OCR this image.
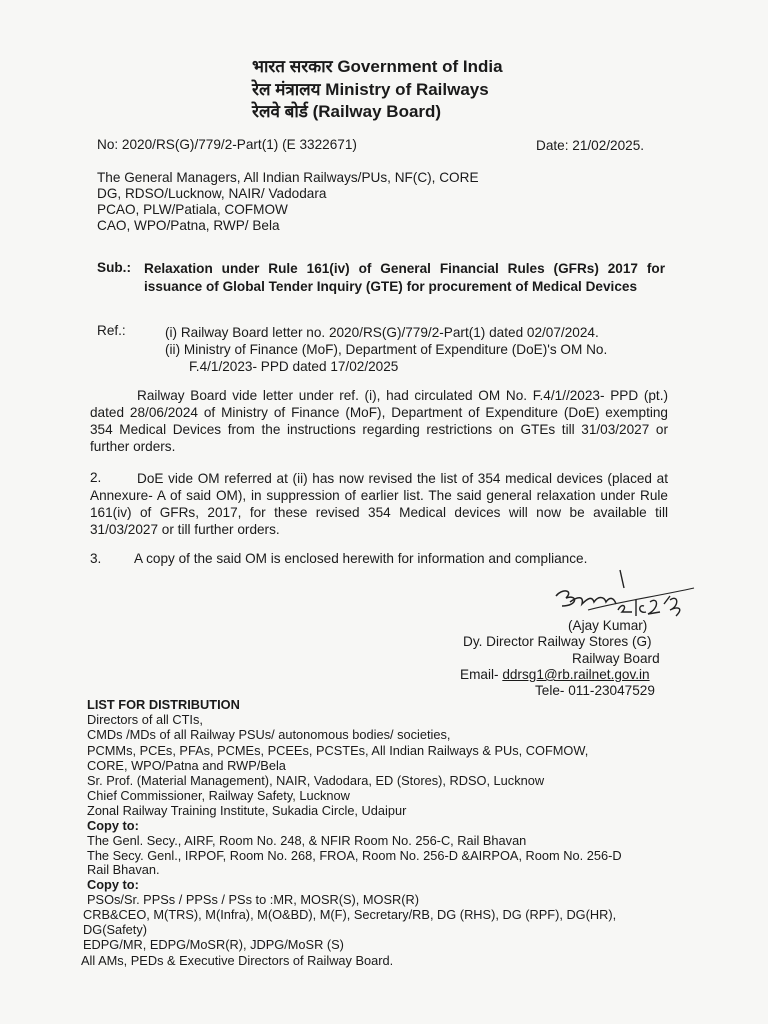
भारत सरकार Government of India
रेल मंत्रालय Ministry of Railways
रेलवे बोर्ड (Railway Board)
No: 2020/RS(G)/779/2-Part(1) (E 3322671)	Date: 21/02/2025.
The General Managers, All Indian Railways/PUs, NF(C), CORE
DG, RDSO/Lucknow, NAIR/ Vadodara
PCAO, PLW/Patiala, COFMOW
CAO, WPO/Patna, RWP/ Bela
Sub.: Relaxation under Rule 161(iv) of General Financial Rules (GFRs) 2017 for issuance of Global Tender Inquiry (GTE) for procurement of Medical Devices
Ref.:	(i) Railway Board letter no. 2020/RS(G)/779/2-Part(1) dated 02/07/2024.
(ii) Ministry of Finance (MoF), Department of Expenditure (DoE)'s OM No.
F.4/1/2023- PPD dated 17/02/2025
Railway Board vide letter under ref. (i), had circulated OM No. F.4/1//2023- PPD (pt.) dated 28/06/2024 of Ministry of Finance (MoF), Department of Expenditure (DoE) exempting 354 Medical Devices from the instructions regarding restrictions on GTEs till 31/03/2027 or further orders.
2.	DoE vide OM referred at (ii) has now revised the list of 354 medical devices (placed at Annexure- A of said OM), in suppression of earlier list. The said general relaxation under Rule 161(iv) of GFRs, 2017, for these revised 354 Medical devices will now be available till 31/03/2027 or till further orders.
3. A copy of the said OM is enclosed herewith for information and compliance.
(Ajay Kumar)
Dy. Director Railway Stores (G)
Railway Board
Email- ddrsg1@rb.railnet.gov.in
Tele- 011-23047529
LIST FOR DISTRIBUTION
Directors of all CTIs,
CMDs /MDs of all Railway PSUs/ autonomous bodies/ societies,
PCMMs, PCEs, PFAs, PCMEs, PCEEs, PCSTEs, All Indian Railways & PUs, COFMOW,
CORE, WPO/Patna and RWP/Bela
Sr. Prof. (Material Management), NAIR, Vadodara, ED (Stores), RDSO, Lucknow
Chief Commissioner, Railway Safety, Lucknow
Zonal Railway Training Institute, Sukadia Circle, Udaipur
Copy to:
The Genl. Secy., AIRF, Room No. 248, & NFIR Room No. 256-C, Rail Bhavan
The Secy. Genl., IRPOF, Room No. 268, FROA, Room No. 256-D &AIRPOA, Room No. 256-D
Rail Bhavan.
Copy to:
PSOs/Sr. PPSs / PPSs / PSs to :MR, MOSR(S), MOSR(R)
CRB&CEO, M(TRS), M(Infra), M(O&BD), M(F), Secretary/RB, DG (RHS), DG (RPF), DG(HR),
DG(Safety)
EDPG/MR, EDPG/MoSR(R), JDPG/MoSR (S)
All AMs, PEDs & Executive Directors of Railway Board.
